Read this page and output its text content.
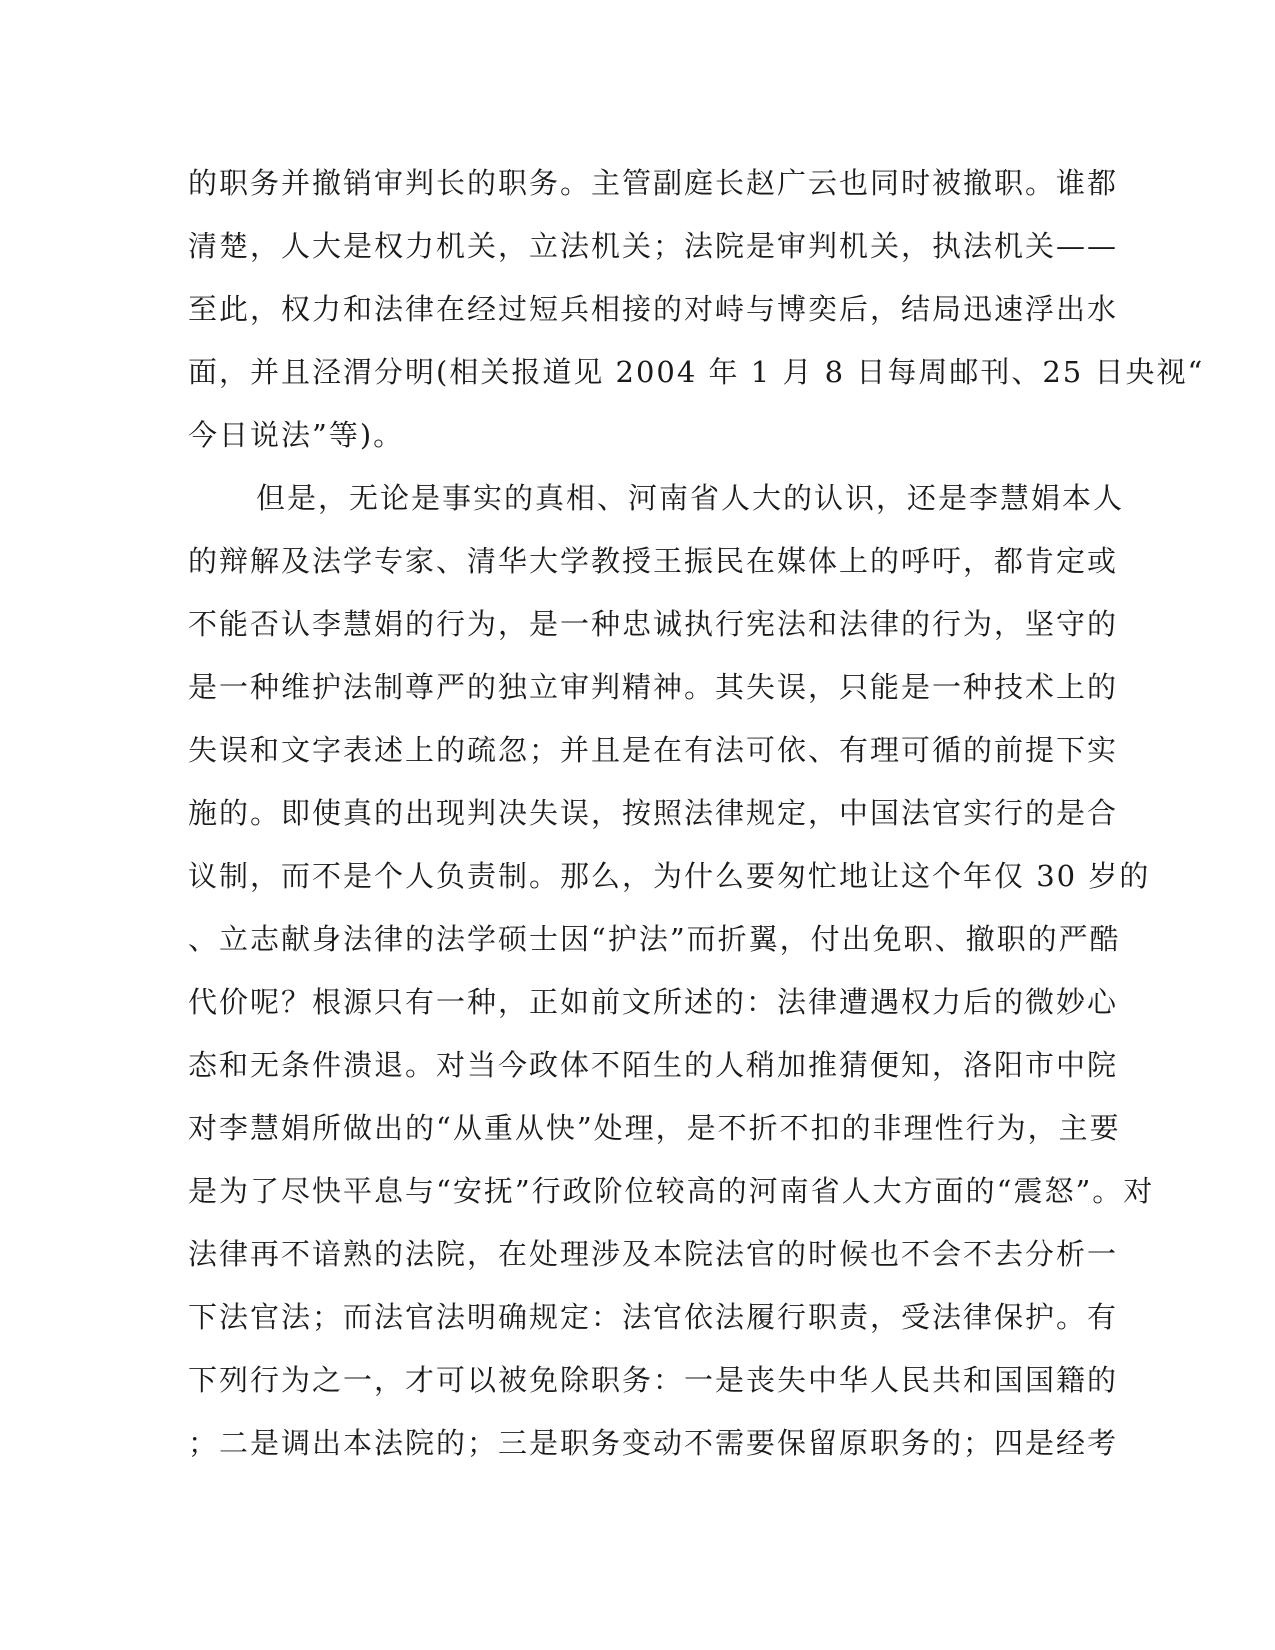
的职务并撤销审判长的职务。主管副庭长赵广云也同时被撤职。谁都
清楚，人大是权力机关，立法机关；法院是审判机关，执法机关——
至此，权力和法律在经过短兵相接的对峙与博奕后，结局迅速浮出水
面，并且泾渭分明(相关报道见 2004 年 1 月 8 日每周邮刊、25 日央视“
今日说法”等)。
但是，无论是事实的真相、河南省人大的认识，还是李慧娟本人
的辩解及法学专家、清华大学教授王振民在媒体上的呼吁，都肯定或
不能否认李慧娟的行为，是一种忠诚执行宪法和法律的行为，坚守的
是一种维护法制尊严的独立审判精神。其失误，只能是一种技术上的
失误和文字表述上的疏忽；并且是在有法可依、有理可循的前提下实
施的。即使真的出现判决失误，按照法律规定，中国法官实行的是合
议制，而不是个人负责制。那么，为什么要匆忙地让这个年仅 30 岁的
、立志献身法律的法学硕士因“护法”而折翼，付出免职、撤职的严酷
代价呢？根源只有一种，正如前文所述的：法律遭遇权力后的微妙心
态和无条件溃退。对当今政体不陌生的人稍加推猜便知，洛阳市中院
对李慧娟所做出的“从重从快”处理，是不折不扣的非理性行为，主要
是为了尽快平息与“安抚”行政阶位较高的河南省人大方面的“震怒”。对
法律再不谙熟的法院，在处理涉及本院法官的时候也不会不去分析一
下法官法；而法官法明确规定：法官依法履行职责，受法律保护。有
下列行为之一，才可以被免除职务：一是丧失中华人民共和国国籍的
；二是调出本法院的；三是职务变动不需要保留原职务的；四是经考
